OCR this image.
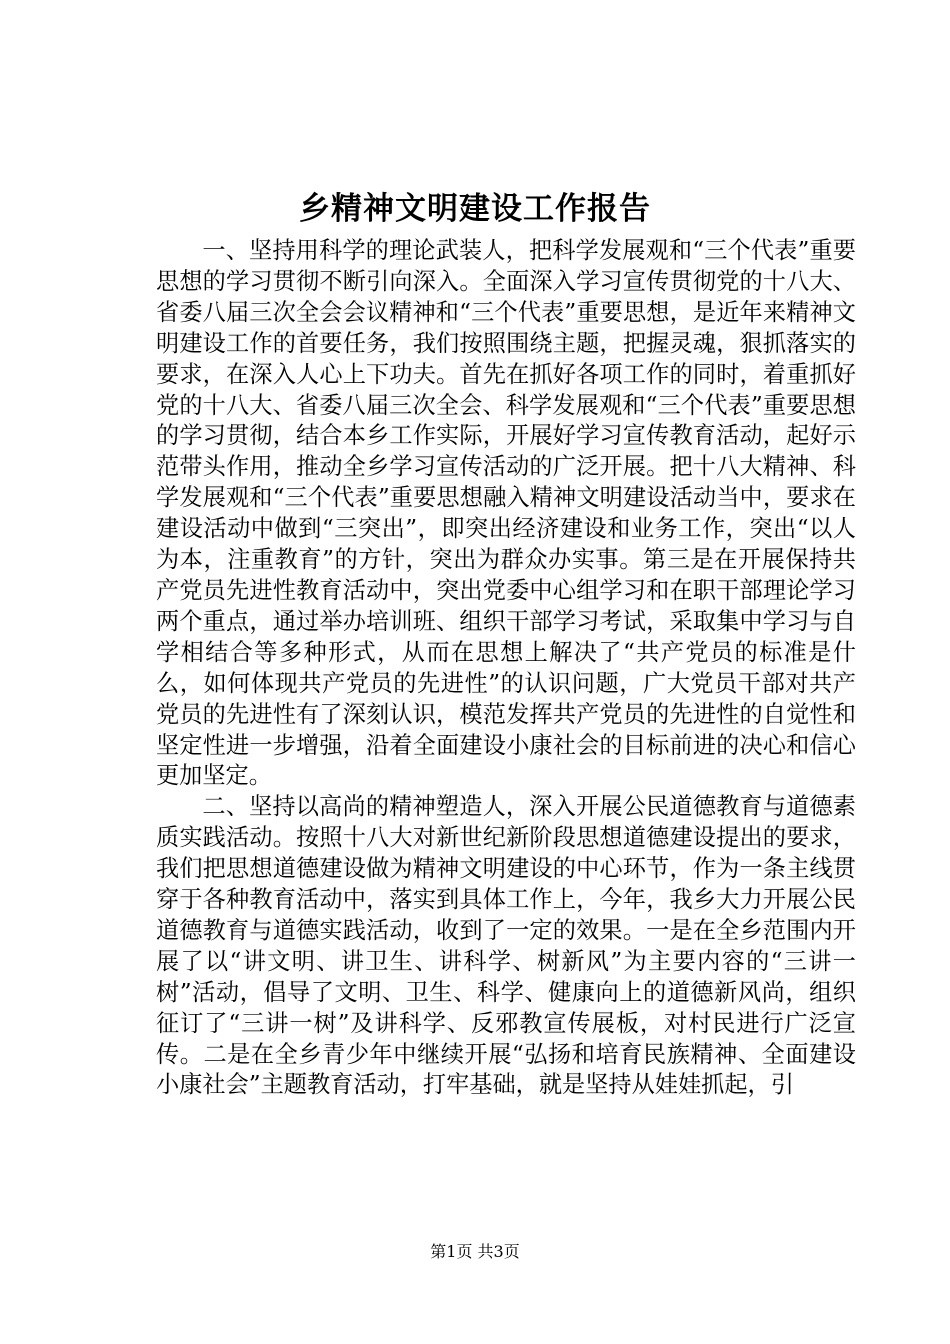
乡精神文明建设工作报告

一、坚持用科学的理论武装人，把科学发展观和“三个代表”重要思想的学习贯彻不断引向深入。全面深入学习宣传贯彻党的十八大、省委八届三次全会会议精神和“三个代表”重要思想，是近年来精神文明建设工作的首要任务，我们按照围绕主题，把握灵魂，狠抓落实的要求，在深入人心上下功夫。首先在抓好各项工作的同时，着重抓好党的十八大、省委八届三次全会、科学发展观和“三个代表”重要思想的学习贯彻，结合本乡工作实际，开展好学习宣传教育活动，起好示范带头作用，推动全乡学习宣传活动的广泛开展。把十八大精神、科学发展观和“三个代表”重要思想融入精神文明建设活动当中，要求在建设活动中做到“三突出”，即突出经济建设和业务工作，突出“以人为本，注重教育”的方针，突出为群众办实事。第三是在开展保持共产党员先进性教育活动中，突出党委中心组学习和在职干部理论学习两个重点，通过举办培训班、组织干部学习考试，采取集中学习与自学相结合等多种形式，从而在思想上解决了“共产党员的标准是什么，如何体现共产党员的先进性”的认识问题，广大党员干部对共产党员的先进性有了深刻认识，模范发挥共产党员的先进性的自觉性和坚定性进一步增强，沿着全面建设小康社会的目标前进的决心和信心更加坚定。

二、坚持以高尚的精神塑造人，深入开展公民道德教育与道德素质实践活动。按照十八大对新世纪新阶段思想道德建设提出的要求，我们把思想道德建设做为精神文明建设的中心环节，作为一条主线贯穿于各种教育活动中，落实到具体工作上，今年，我乡大力开展公民道德教育与道德实践活动，收到了一定的效果。一是在全乡范围内开展了以“讲文明、讲卫生、讲科学、树新风”为主要内容的“三讲一树”活动，倡导了文明、卫生、科学、健康向上的道德新风尚，组织征订了“三讲一树”及讲科学、反邪教宣传展板，对村民进行广泛宣传。二是在全乡青少年中继续开展“弘扬和培育民族精神、全面建设小康社会”主题教育活动，打牢基础，就是坚持从娃娃抓起，引

第1页 共3页
